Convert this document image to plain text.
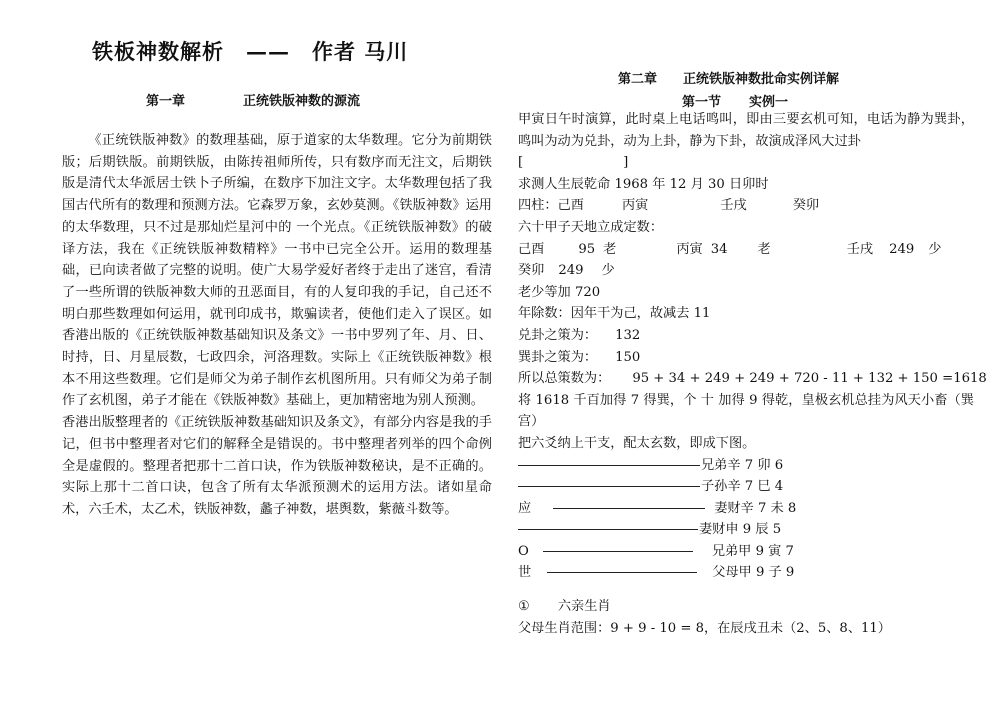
铁板神数解析 —— 作者 马川
第一章	正统铁版神数的源流

《正统铁版神数》的数理基础，原于道家的太华数理。它分为前期铁版；后期铁版。前期铁版，由陈抟祖师所传，只有数序而无注文，后期铁版是清代太华派居士铁卜子所编，在数序下加注文字。太华数理包括了我国古代所有的数理和预测方法。它森罗万象，玄妙莫测。《铁版神数》运用的太华数理，只不过是那灿烂星河中的 一个光点。《正统铁版神数》的破译方法，我在《正统铁版神数精粹》一书中已完全公开。运用的数理基础，已向读者做了完整的说明。使广大易学爱好者终于走出了迷宫，看清了一些所谓的铁版神数大师的丑恶面目，有的人复印我的手记，自己还不明白那些数理如何运用，就刊印成书，欺骗读者，使他们走入了误区。如香港出版的《正统铁版神数基础知识及条文》一书中罗列了年、月、日、时持，日、月星辰数，七政四余，河洛理数。实际上《正统铁版神数》根本不用这些数理。它们是师父为弟子制作玄机图所用。只有师父为弟子制作了玄机图，弟子才能在《铁版神数》基础上，更加精密地为别人预测。

香港出版整理者的《正统铁版神数基础知识及条文》，有部分内容是我的手记，但书中整理者对它们的解释全是错误的。书中整理者列举的四个命例全是虚假的。整理者把那十二首口诀，作为铁版神数秘诀，是不正确的。实际上那十二首口诀，包含了所有太华派预测术的运用方法。诸如星命术，六壬术，太乙术，铁版神数，蠡子神数，堪舆数，紫薇斗数等。

第二章 正统铁版神数批命实例详解
第一节 实例一
甲寅日午时演算，此时桌上电话鸣叫，即由三要玄机可知，电话为静为巽卦，鸣叫为动为兑卦，动为上卦，静为下卦，故演成泽风大过卦
[	]
求测人生辰乾命 1968 年 12 月 30 日卯时
四柱：己酉	丙寅	壬戌	癸卯
六十甲子天地立成定数：
己酉	95 老	丙寅 34 老	壬戌 249 少
癸卯 249 少
老少等加 720
年除数：因年干为己，故减去 11
兑卦之策为： 132
巽卦之策为： 150
所以总策数为： 95 + 34 + 249 + 249 + 720 - 11 + 132 + 150 =1618
将 1618 千百加得 7 得巽，个 十 加得 9 得乾，皇极玄机总挂为风天小畜（巽宫）
把六爻纳上干支，配太玄数，即成下图。
兄弟辛 7 卯 6
子孙辛 7 巳 4
应	妻财辛 7 未 8
妻财申 9 辰 5
O	兄弟甲 9 寅 7
世	父母甲 9 子 9
① 六亲生肖
父母生肖范围：9 + 9 - 10 = 8，在辰戌丑未（2、5、8、11）
